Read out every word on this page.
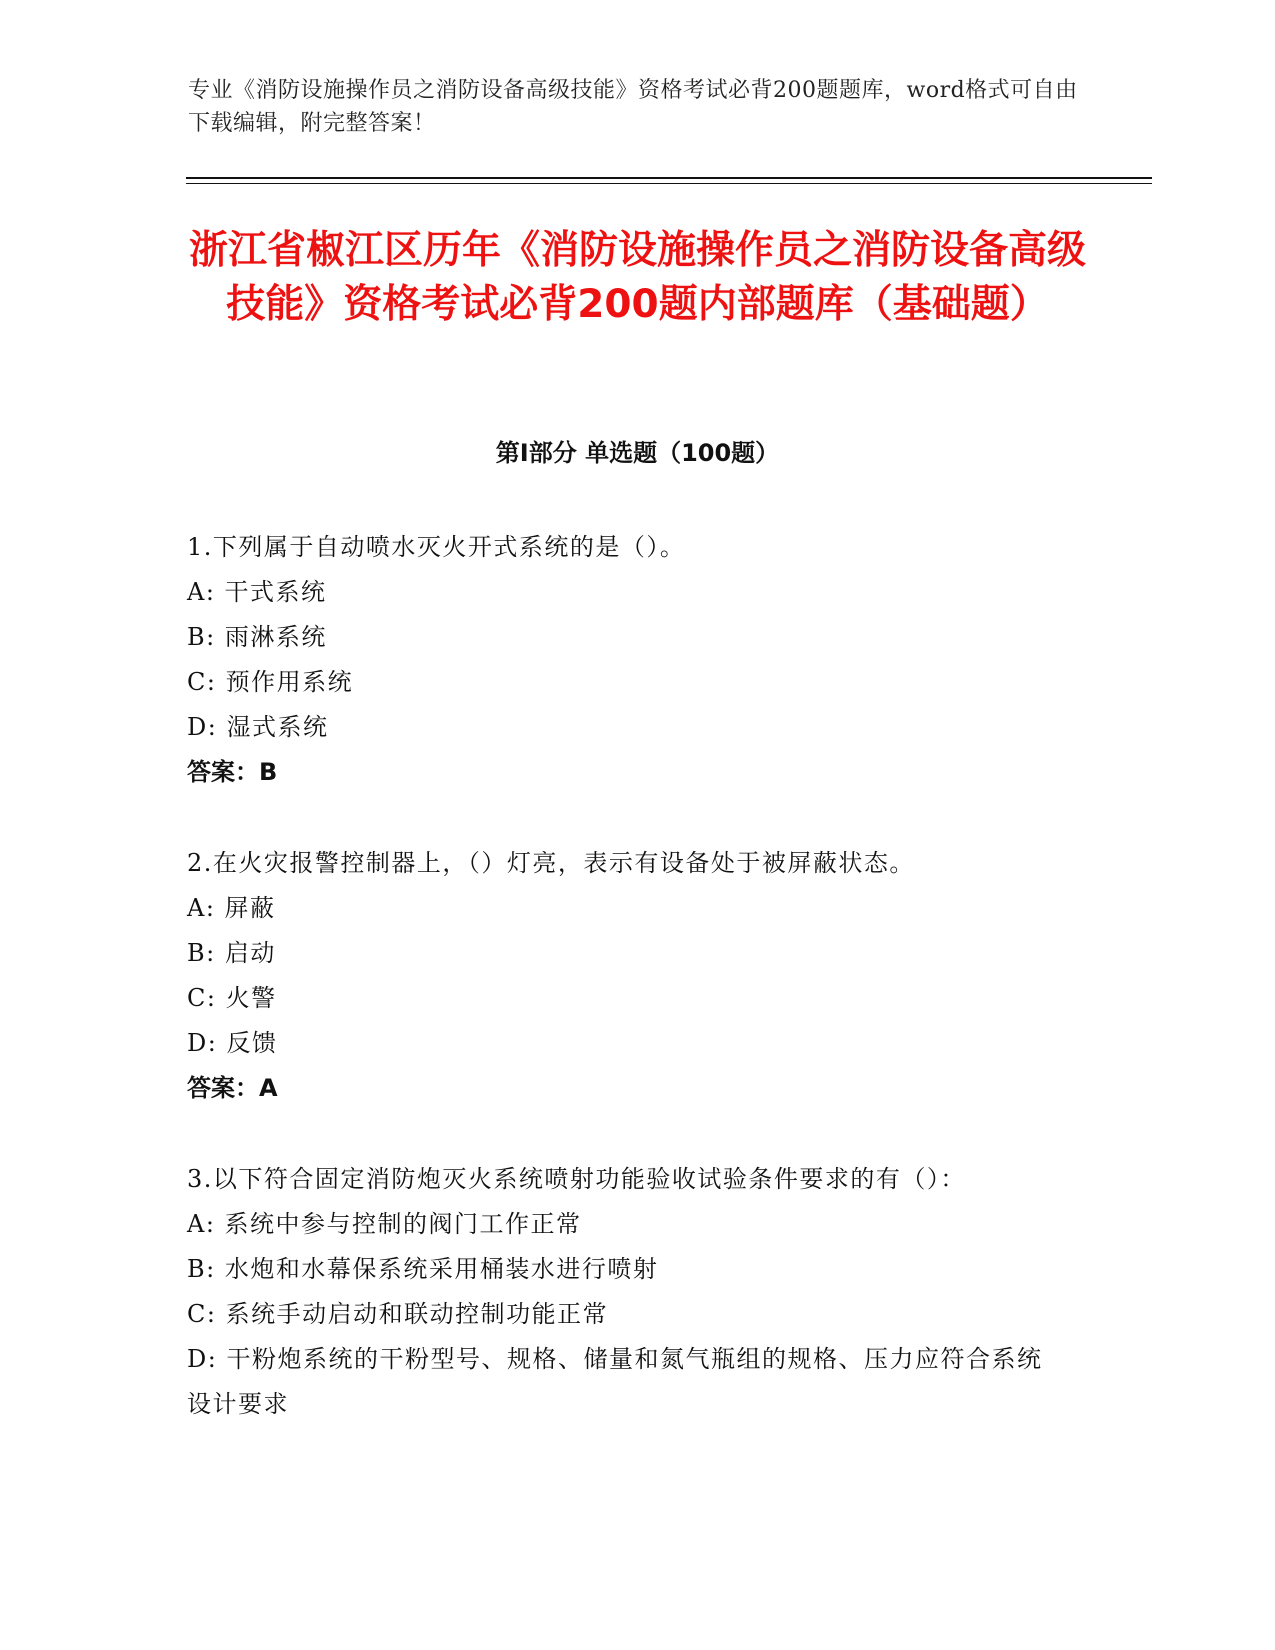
专业《消防设施操作员之消防设备高级技能》资格考试必背200题题库，word格式可自由下载编辑，附完整答案！
浙江省椒江区历年《消防设施操作员之消防设备高级技能》资格考试必背200题内部题库（基础题）
第Ⅰ部分 单选题（100题）

1.下列属于自动喷水灭火开式系统的是（）。

A: 干式系统

B: 雨淋系统

C: 预作用系统

D: 湿式系统

答案：B

2.在火灾报警控制器上，（）灯亮，表示有设备处于被屏蔽状态。

A: 屏蔽

B: 启动

C: 火警

D: 反馈

答案：A

3.以下符合固定消防炮灭火系统喷射功能验收试验条件要求的有（）：

A: 系统中参与控制的阀门工作正常

B: 水炮和水幕保系统采用桶装水进行喷射

C: 系统手动启动和联动控制功能正常

D: 干粉炮系统的干粉型号、规格、储量和氮气瓶组的规格、压力应符合系统设计要求
